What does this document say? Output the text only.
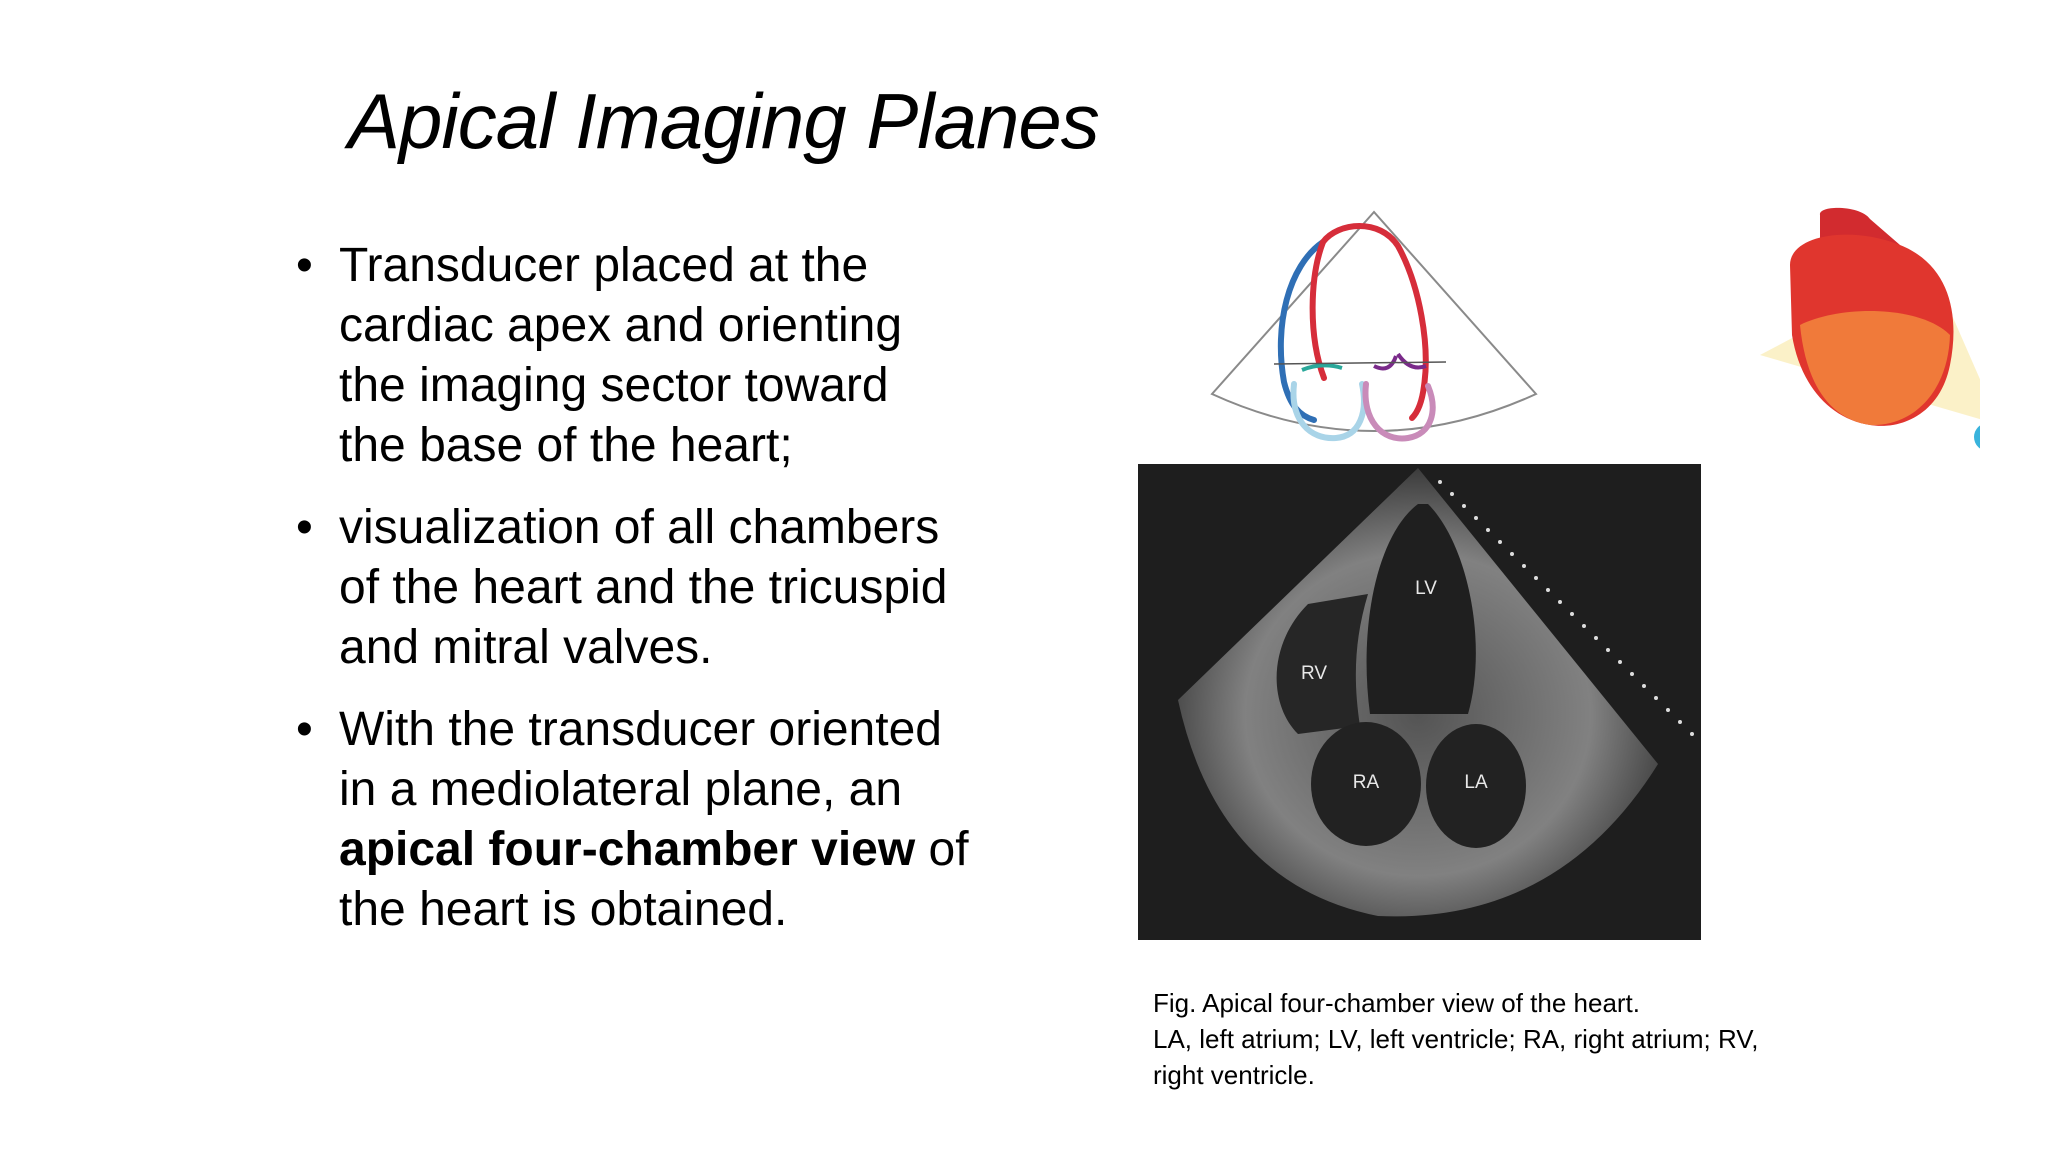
Apical Imaging Planes
• Transducer placed at the
cardiac apex and orienting
the imaging sector toward
the base of the heart;
• visualization of all chambers
of the heart and the tricuspid
and mitral valves.
• With the transducer oriented
in a mediolateral plane, an
apical four-chamber view of
the heart is obtained.
LV
RV
RA	LA

Fig. Apical four-chamber view of the heart.
LA, left atrium; LV, left ventricle; RA, right atrium; RV,
right ventricle.
